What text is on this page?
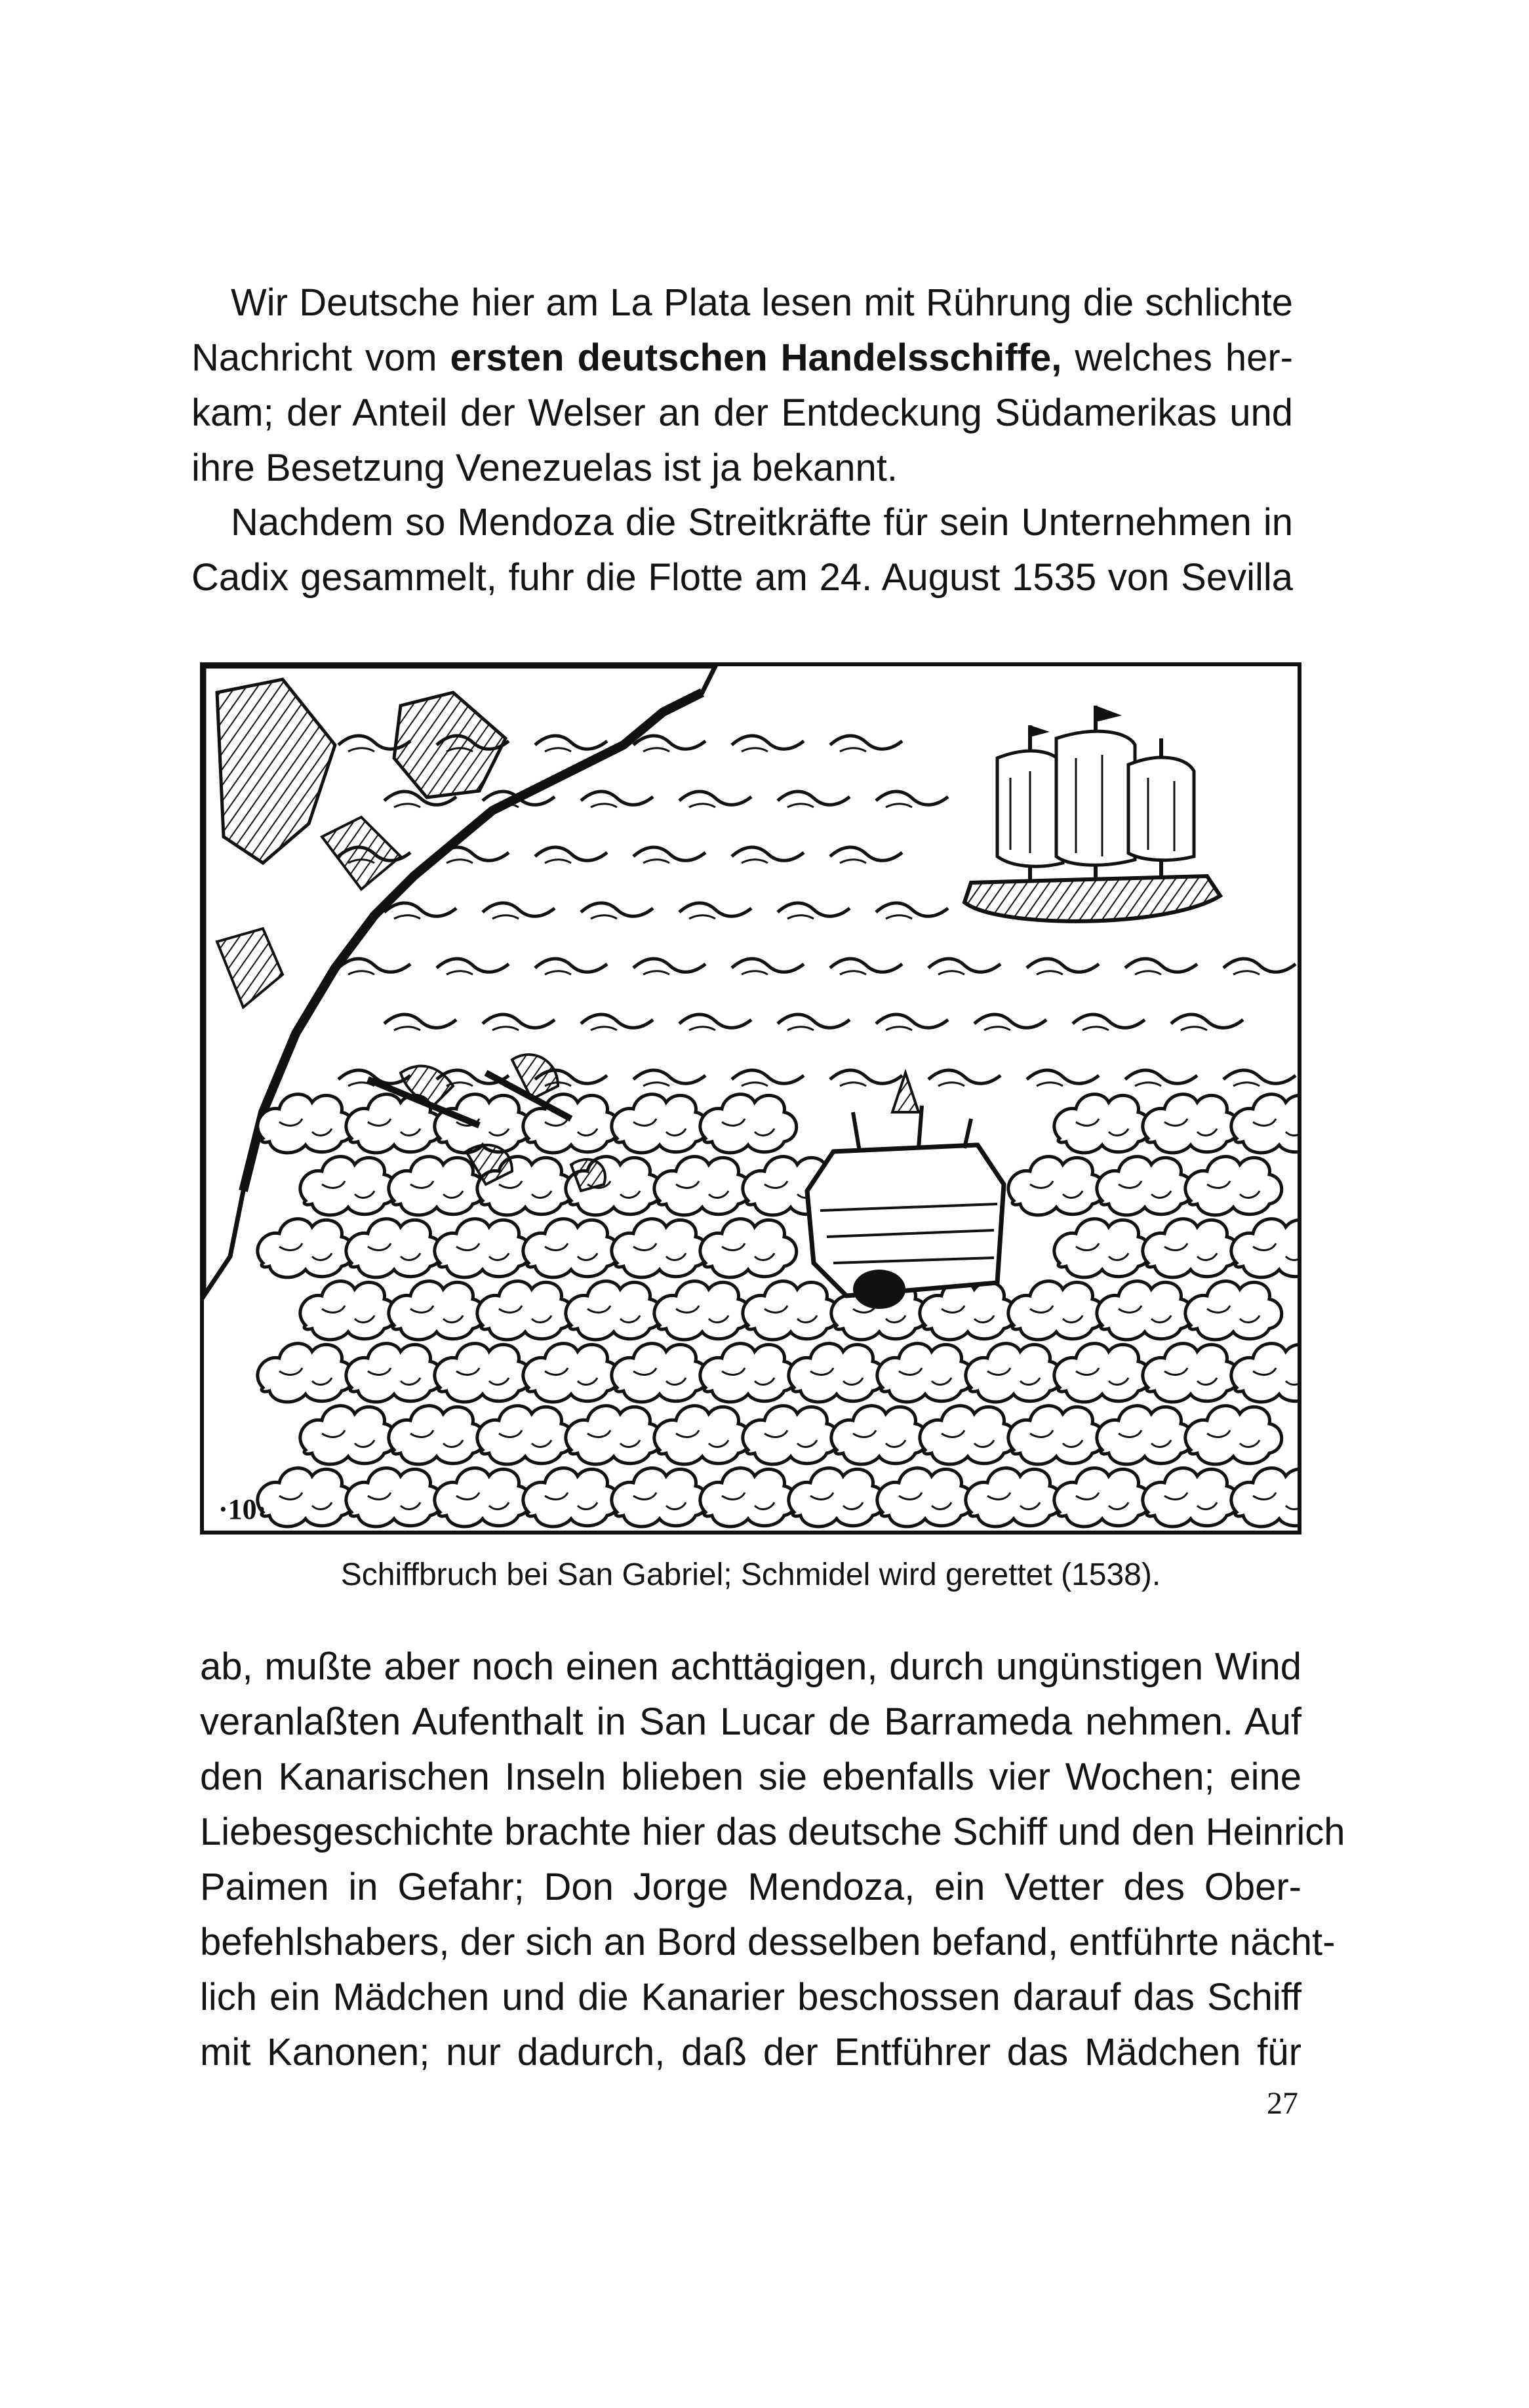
Wir Deutsche hier am La Plata lesen mit Rührung die schlichte
Nachricht vom ersten deutschen Handelsschiffe, welches her-
kam; der Anteil der Welser an der Entdeckung Südamerikas und
ihre Besetzung Venezuelas ist ja bekannt.
Nachdem so Mendoza die Streitkräfte für sein Unternehmen in
Cadix gesammelt, fuhr die Flotte am 24. August 1535 von Sevilla
·10·
Schiffbruch bei San Gabriel; Schmidel wird gerettet (1538).
ab, mußte aber noch einen achttägigen, durch ungünstigen Wind
veranlaßten Aufenthalt in San Lucar de Barrameda nehmen. Auf
den Kanarischen Inseln blieben sie ebenfalls vier Wochen; eine
Liebesgeschichte brachte hier das deutsche Schiff und den Heinrich
Paimen in Gefahr; Don Jorge Mendoza, ein Vetter des Ober-
befehlshabers, der sich an Bord desselben befand, entführte nächt-
lich ein Mädchen und die Kanarier beschossen darauf das Schiff
mit Kanonen; nur dadurch, daß der Entführer das Mädchen für
27
